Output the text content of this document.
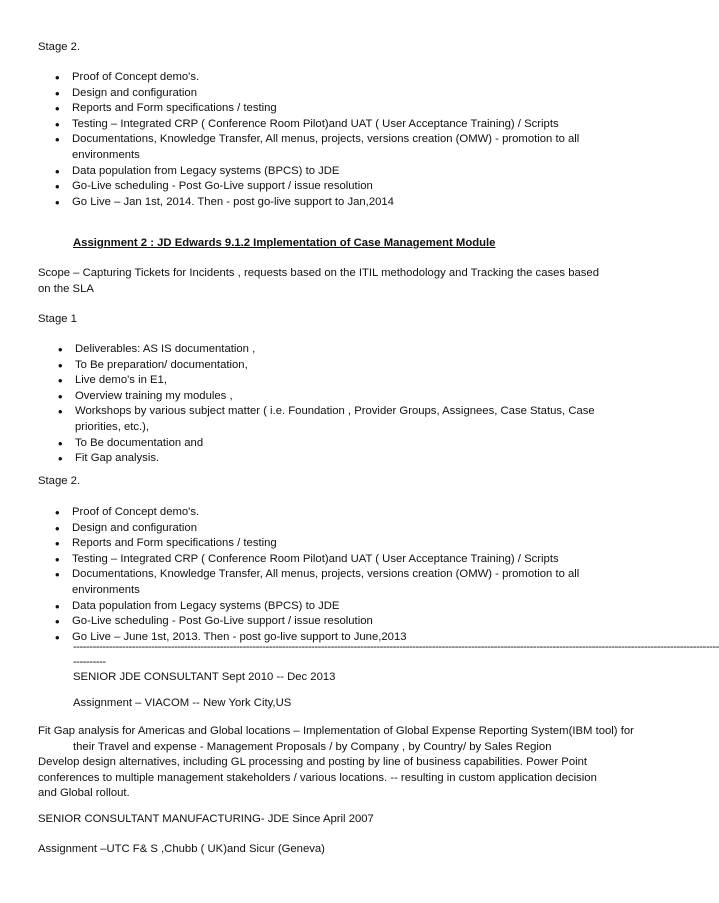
Stage 2.

• Proof of Concept demo's.
• Design and configuration
• Reports and Form specifications / testing
• Testing – Integrated CRP ( Conference Room Pilot)and UAT ( User Acceptance Training) / Scripts
• Documentations, Knowledge Transfer, All menus, projects, versions creation (OMW) - promotion to all environments
• Data population from Legacy systems (BPCS) to JDE
• Go-Live scheduling - Post Go-Live support / issue resolution
• Go Live – Jan 1st, 2014. Then - post go-live support to Jan,2014

Assignment 2 : JD Edwards 9.1.2 Implementation of Case Management Module

Scope – Capturing Tickets for Incidents , requests based on the ITIL methodology and Tracking the cases based on the SLA

Stage 1

• Deliverables: AS IS documentation ,
• To Be preparation/ documentation,
• Live demo's in E1,
• Overview training my modules ,
• Workshops by various subject matter ( i.e. Foundation , Provider Groups, Assignees, Case Status, Case priorities, etc.),
• To Be documentation and
• Fit Gap analysis.

Stage 2.

• Proof of Concept demo's.
• Design and configuration
• Reports and Form specifications / testing
• Testing – Integrated CRP ( Conference Room Pilot)and UAT ( User Acceptance Training) / Scripts
• Documentations, Knowledge Transfer, All menus, projects, versions creation (OMW) - promotion to all environments
• Data population from Legacy systems (BPCS) to JDE
• Go-Live scheduling - Post Go-Live support / issue resolution
• Go Live – June 1st, 2013. Then - post go-live support to June,2013

------------------------------------------------------------------------------------------------------------------------------------------------------------------------------------------------------

----------

SENIOR JDE CONSULTANT Sept 2010 -- Dec 2013

Assignment – VIACOM -- New York City,US

Fit Gap analysis for Americas and Global locations – Implementation of Global Expense Reporting System(IBM tool) for their Travel and expense - Management Proposals / by Company , by Country/ by Sales Region

Develop design alternatives, including GL processing and posting by line of business capabilities. Power Point conferences to multiple management stakeholders / various locations. -- resulting in custom application decision and Global rollout.

SENIOR CONSULTANT MANUFACTURING- JDE Since April 2007

Assignment –UTC F& S ,Chubb ( UK)and Sicur (Geneva)
